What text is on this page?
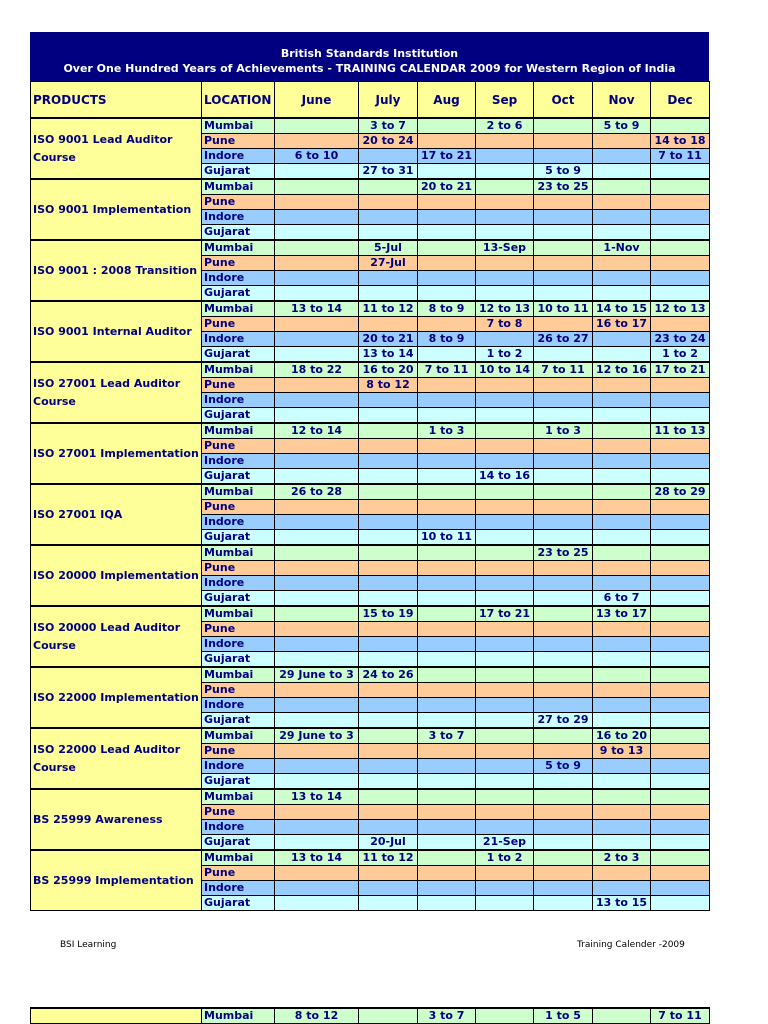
British Standards Institution
Over One Hundred Years of Achievements - TRAINING CALENDAR 2009 for Western Region of India
PRODUCTS	LOCATION	June	July	Aug	Sep	Oct	Nov	Dec
ISO 9001 Lead Auditor Course	Mumbai		3 to 7		2 to 6		5 to 9	
	Pune		20 to 24					14 to 18
	Indore	6 to 10		17 to 21				7 to 11
	Gujarat		27 to 31			5 to 9		
ISO 9001 Implementation	Mumbai			20 to 21		23 to 25		
	Pune							
	Indore							
	Gujarat							
ISO 9001 : 2008 Transition	Mumbai		5-Jul		13-Sep		1-Nov	
	Pune		27-Jul					
	Indore							
	Gujarat							
ISO 9001 Internal Auditor	Mumbai	13 to 14	11 to 12	8 to 9	12 to 13	10 to 11	14 to 15	12 to 13
	Pune				7 to 8		16 to 17	
	Indore		20 to 21	8 to 9		26 to 27		23 to 24
	Gujarat		13 to 14		1 to 2			1 to 2
ISO 27001 Lead Auditor Course	Mumbai	18 to 22	16 to 20	7 to 11	10 to 14	7 to 11	12 to 16	17 to 21
	Pune		8 to 12					
	Indore							
	Gujarat							
ISO 27001 Implementation	Mumbai	12 to 14		1 to 3		1 to 3		11 to 13
	Pune							
	Indore							
	Gujarat				14 to 16			
ISO 27001 IQA	Mumbai	26 to 28						28 to 29
	Pune							
	Indore							
	Gujarat			10 to 11				
ISO 20000 Implementation	Mumbai					23 to 25		
	Pune							
	Indore							
	Gujarat						6 to 7	
ISO 20000 Lead Auditor Course	Mumbai		15 to 19		17 to 21		13 to 17	
	Pune							
	Indore							
	Gujarat							
ISO 22000 Implementation	Mumbai	29 June to 3	24 to 26					
	Pune							
	Indore							
	Gujarat					27 to 29		
ISO 22000 Lead Auditor Course	Mumbai	29 June to 3		3 to 7			16 to 20	
	Pune						9 to 13	
	Indore					5 to 9		
	Gujarat							
BS 25999 Awareness	Mumbai	13 to 14						
	Pune							
	Indore							
	Gujarat		20-Jul		21-Sep			
BS 25999 Implementation	Mumbai	13 to 14	11 to 12		1 to 2		2 to 3	
	Pune							
	Indore							
	Gujarat						13 to 15	
BSI Learning	Training Calender -2009
	Mumbai	8 to 12		3 to 7		1 to 5		7 to 11
